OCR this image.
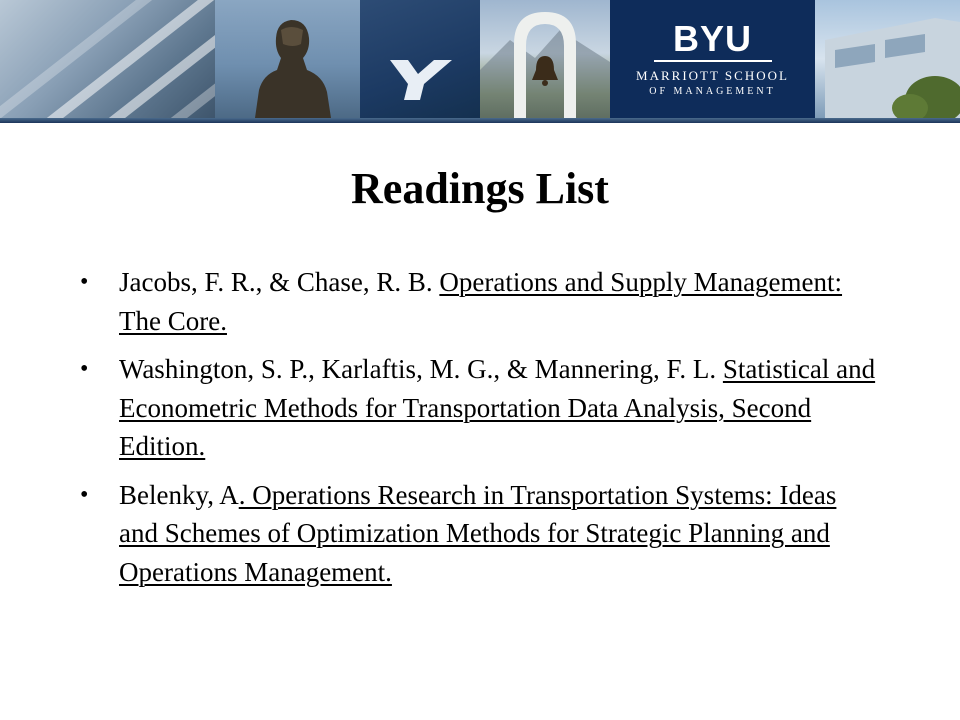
BYU
MARRIOTT SCHOOL
OF MANAGEMENT
Readings List
• Jacobs, F. R., & Chase, R. B. Operations and Supply Management: The Core.
• Washington, S. P., Karlaftis, M. G., & Mannering, F. L. Statistical and Econometric Methods for Transportation Data Analysis, Second Edition.
• Belenky, A. Operations Research in Transportation Systems: Ideas and Schemes of Optimization Methods for Strategic Planning and Operations Management.
